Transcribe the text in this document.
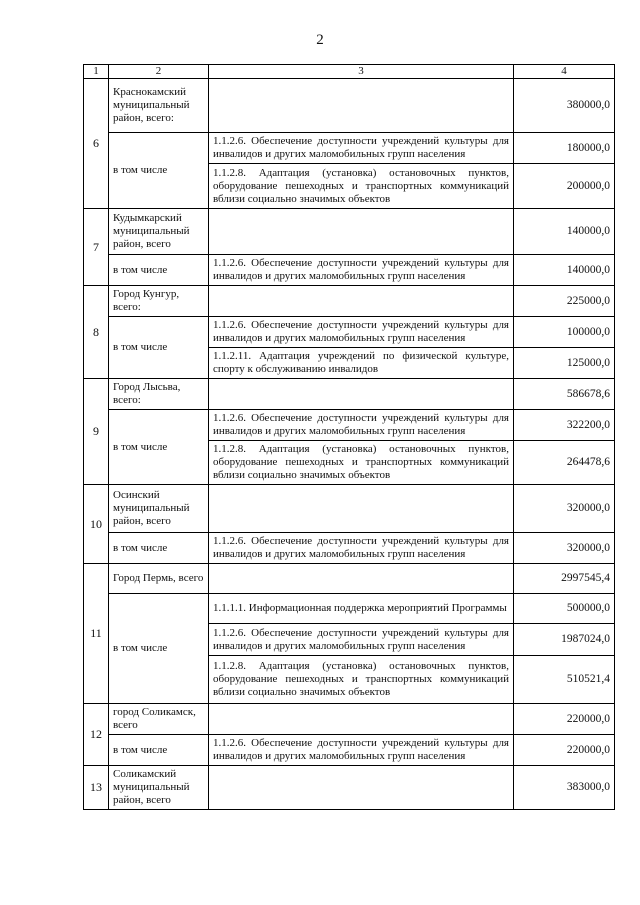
2
1	2	3	4
6	Краснокамский муниципальный район, всего:		380000,0
	в том числе	1.1.2.6. Обеспечение доступности учреждений культуры для инвалидов и других маломобильных групп населения	180000,0
		1.1.2.8. Адаптация (установка) остановочных пунктов, оборудование пешеходных и транспортных коммуникаций вблизи социально значимых объектов	200000,0
7	Кудымкарский муниципальный район, всего		140000,0
	в том числе	1.1.2.6. Обеспечение доступности учреждений культуры для инвалидов и других маломобильных групп населения	140000,0
8	Город Кунгур, всего:		225000,0
	в том числе	1.1.2.6. Обеспечение доступности учреждений культуры для инвалидов и других маломобильных групп населения	100000,0
		1.1.2.11. Адаптация учреждений по физической культуре, спорту к обслуживанию инвалидов	125000,0
9	Город Лысьва, всего:		586678,6
	в том числе	1.1.2.6. Обеспечение доступности учреждений культуры для инвалидов и других маломобильных групп населения	322200,0
		1.1.2.8. Адаптация (установка) остановочных пунктов, оборудование пешеходных и транспортных коммуникаций вблизи социально значимых объектов	264478,6
10	Осинский муниципальный район, всего		320000,0
	в том числе	1.1.2.6. Обеспечение доступности учреждений культуры для инвалидов и других маломобильных групп населения	320000,0
11	Город Пермь, всего		2997545,4
	в том числе	1.1.1.1. Информационная поддержка мероприятий Программы	500000,0
		1.1.2.6. Обеспечение доступности учреждений культуры для инвалидов и других маломобильных групп населения	1987024,0
		1.1.2.8. Адаптация (установка) остановочных пунктов, оборудование пешеходных и транспортных коммуникаций вблизи социально значимых объектов	510521,4
12	город Соликамск, всего		220000,0
	в том числе	1.1.2.6. Обеспечение доступности учреждений культуры для инвалидов и других маломобильных групп населения	220000,0
13	Соликамский муниципальный район, всего		383000,0
